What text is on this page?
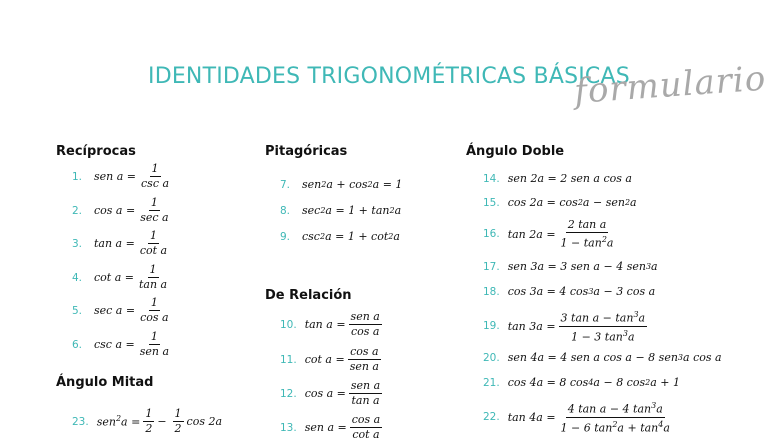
IDENTIDADES TRIGONOMÉTRICAS BÁSICAS
formulario
Recíprocas
1.	sen $a = \frac{1}{\text{csc a}}$
2.	$\cos a = \frac{1}{\text{sec a}}$
3.	$\tan a = \frac{1}{\text{cot a}}$
4.	$\cot a = \frac{1}{\text{tan a}}$
5.	$\sec a = \frac{1}{\text{cos a}}$
6.	$\csc a = \frac{1}{\text{sen a}}$
Ángulo Mitad
23. $sen^2a = \frac{1}{2} - \frac{1}{2}$ cos 2a
Pitagóricas
7.	sen 2 a + cos 2 a = 1
8.	sec 2 a = 1 + tan 2 a
9.	csc 2 a = 1 + cot 2 a
De Relación
10. $\tan a = \frac{\text{sen a}}{\text{cos a}}$
11. $\cot a = \frac{\text{cos a}}{\text{sen a}}$
12. $\cos a = \frac{\text{sen a}}{\text{tan a}}$
13. sen $a = \frac{\text{cos a}}{\text{cot a}}$
Ángulo Doble
14. sen 2a = 2 sen a cos a
15. cos 2a = cos 2 a − sen 2 a
16. $\tan 2a = \frac{\text{2 tan a}}{1 - \tan^2a}$
17. sen 3a = 3 sen a − 4 sen 3 a
18. cos 3a = 4 cos 3 a − 3 cos a
19. $\tan 3a = \frac{3 \tan a - \tan^3a}{1 - 3 \tan^3a}$
20. sen 4a = 4 sen a cos a − 8 sen 3 a cos a
21. cos 4a = 8 cos 4 a − 8 cos 2 a + 1
22. $\tan 4a = \frac{4 \tan a - 4 \tan^3a}{1 - 6 \tan^2a + \tan^4a}$
